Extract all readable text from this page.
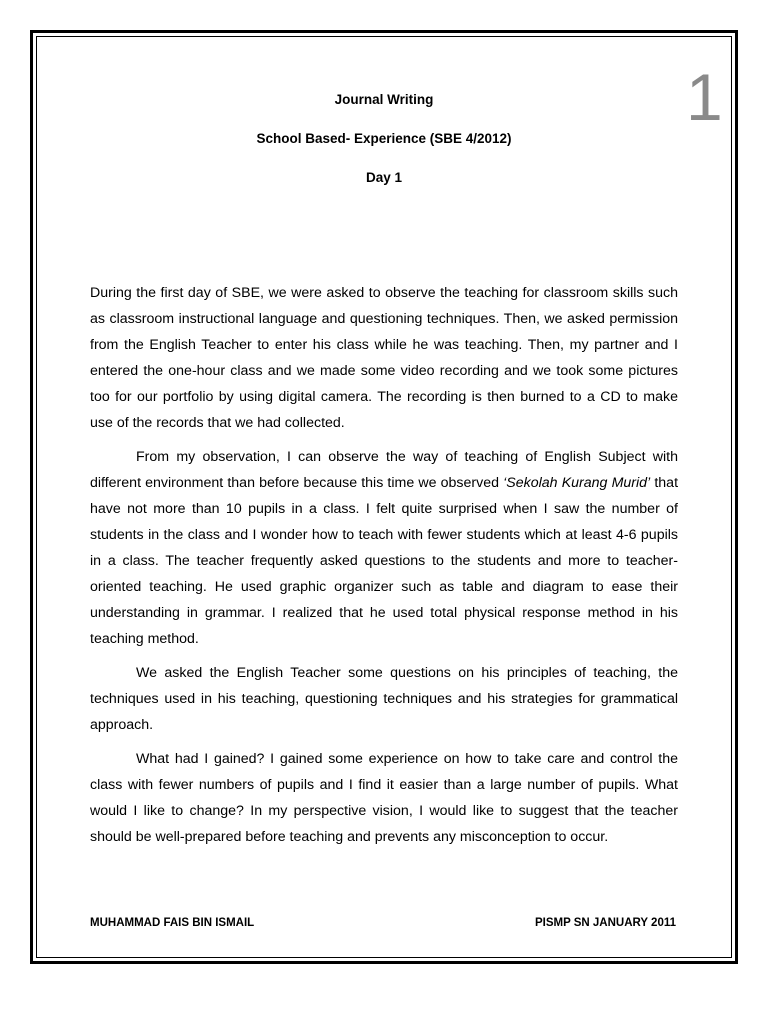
1
Journal Writing
School Based- Experience (SBE 4/2012)
Day 1

During the first day of SBE, we were asked to observe the teaching for classroom skills such as classroom instructional language and questioning techniques. Then, we asked permission from the English Teacher to enter his class while he was teaching. Then, my partner and I entered the one-hour class and we made some video recording and we took some pictures too for our portfolio by using digital camera. The recording is then burned to a CD to make use of the records that we had collected.

From my observation, I can observe the way of teaching of English Subject with different environment than before because this time we observed ‘Sekolah Kurang Murid’ that have not more than 10 pupils in a class. I felt quite surprised when I saw the number of students in the class and I wonder how to teach with fewer students which at least 4-6 pupils in a class. The teacher frequently asked questions to the students and more to teacher-oriented teaching. He used graphic organizer such as table and diagram to ease their understanding in grammar. I realized that he used total physical response method in his teaching method.

We asked the English Teacher some questions on his principles of teaching, the techniques used in his teaching, questioning techniques and his strategies for grammatical approach.

What had I gained? I gained some experience on how to take care and control the class with fewer numbers of pupils and I find it easier than a large number of pupils. What would I like to change? In my perspective vision, I would like to suggest that the teacher should be well-prepared before teaching and prevents any misconception to occur.

MUHAMMAD FAIS BIN ISMAIL	PISMP SN JANUARY 2011
